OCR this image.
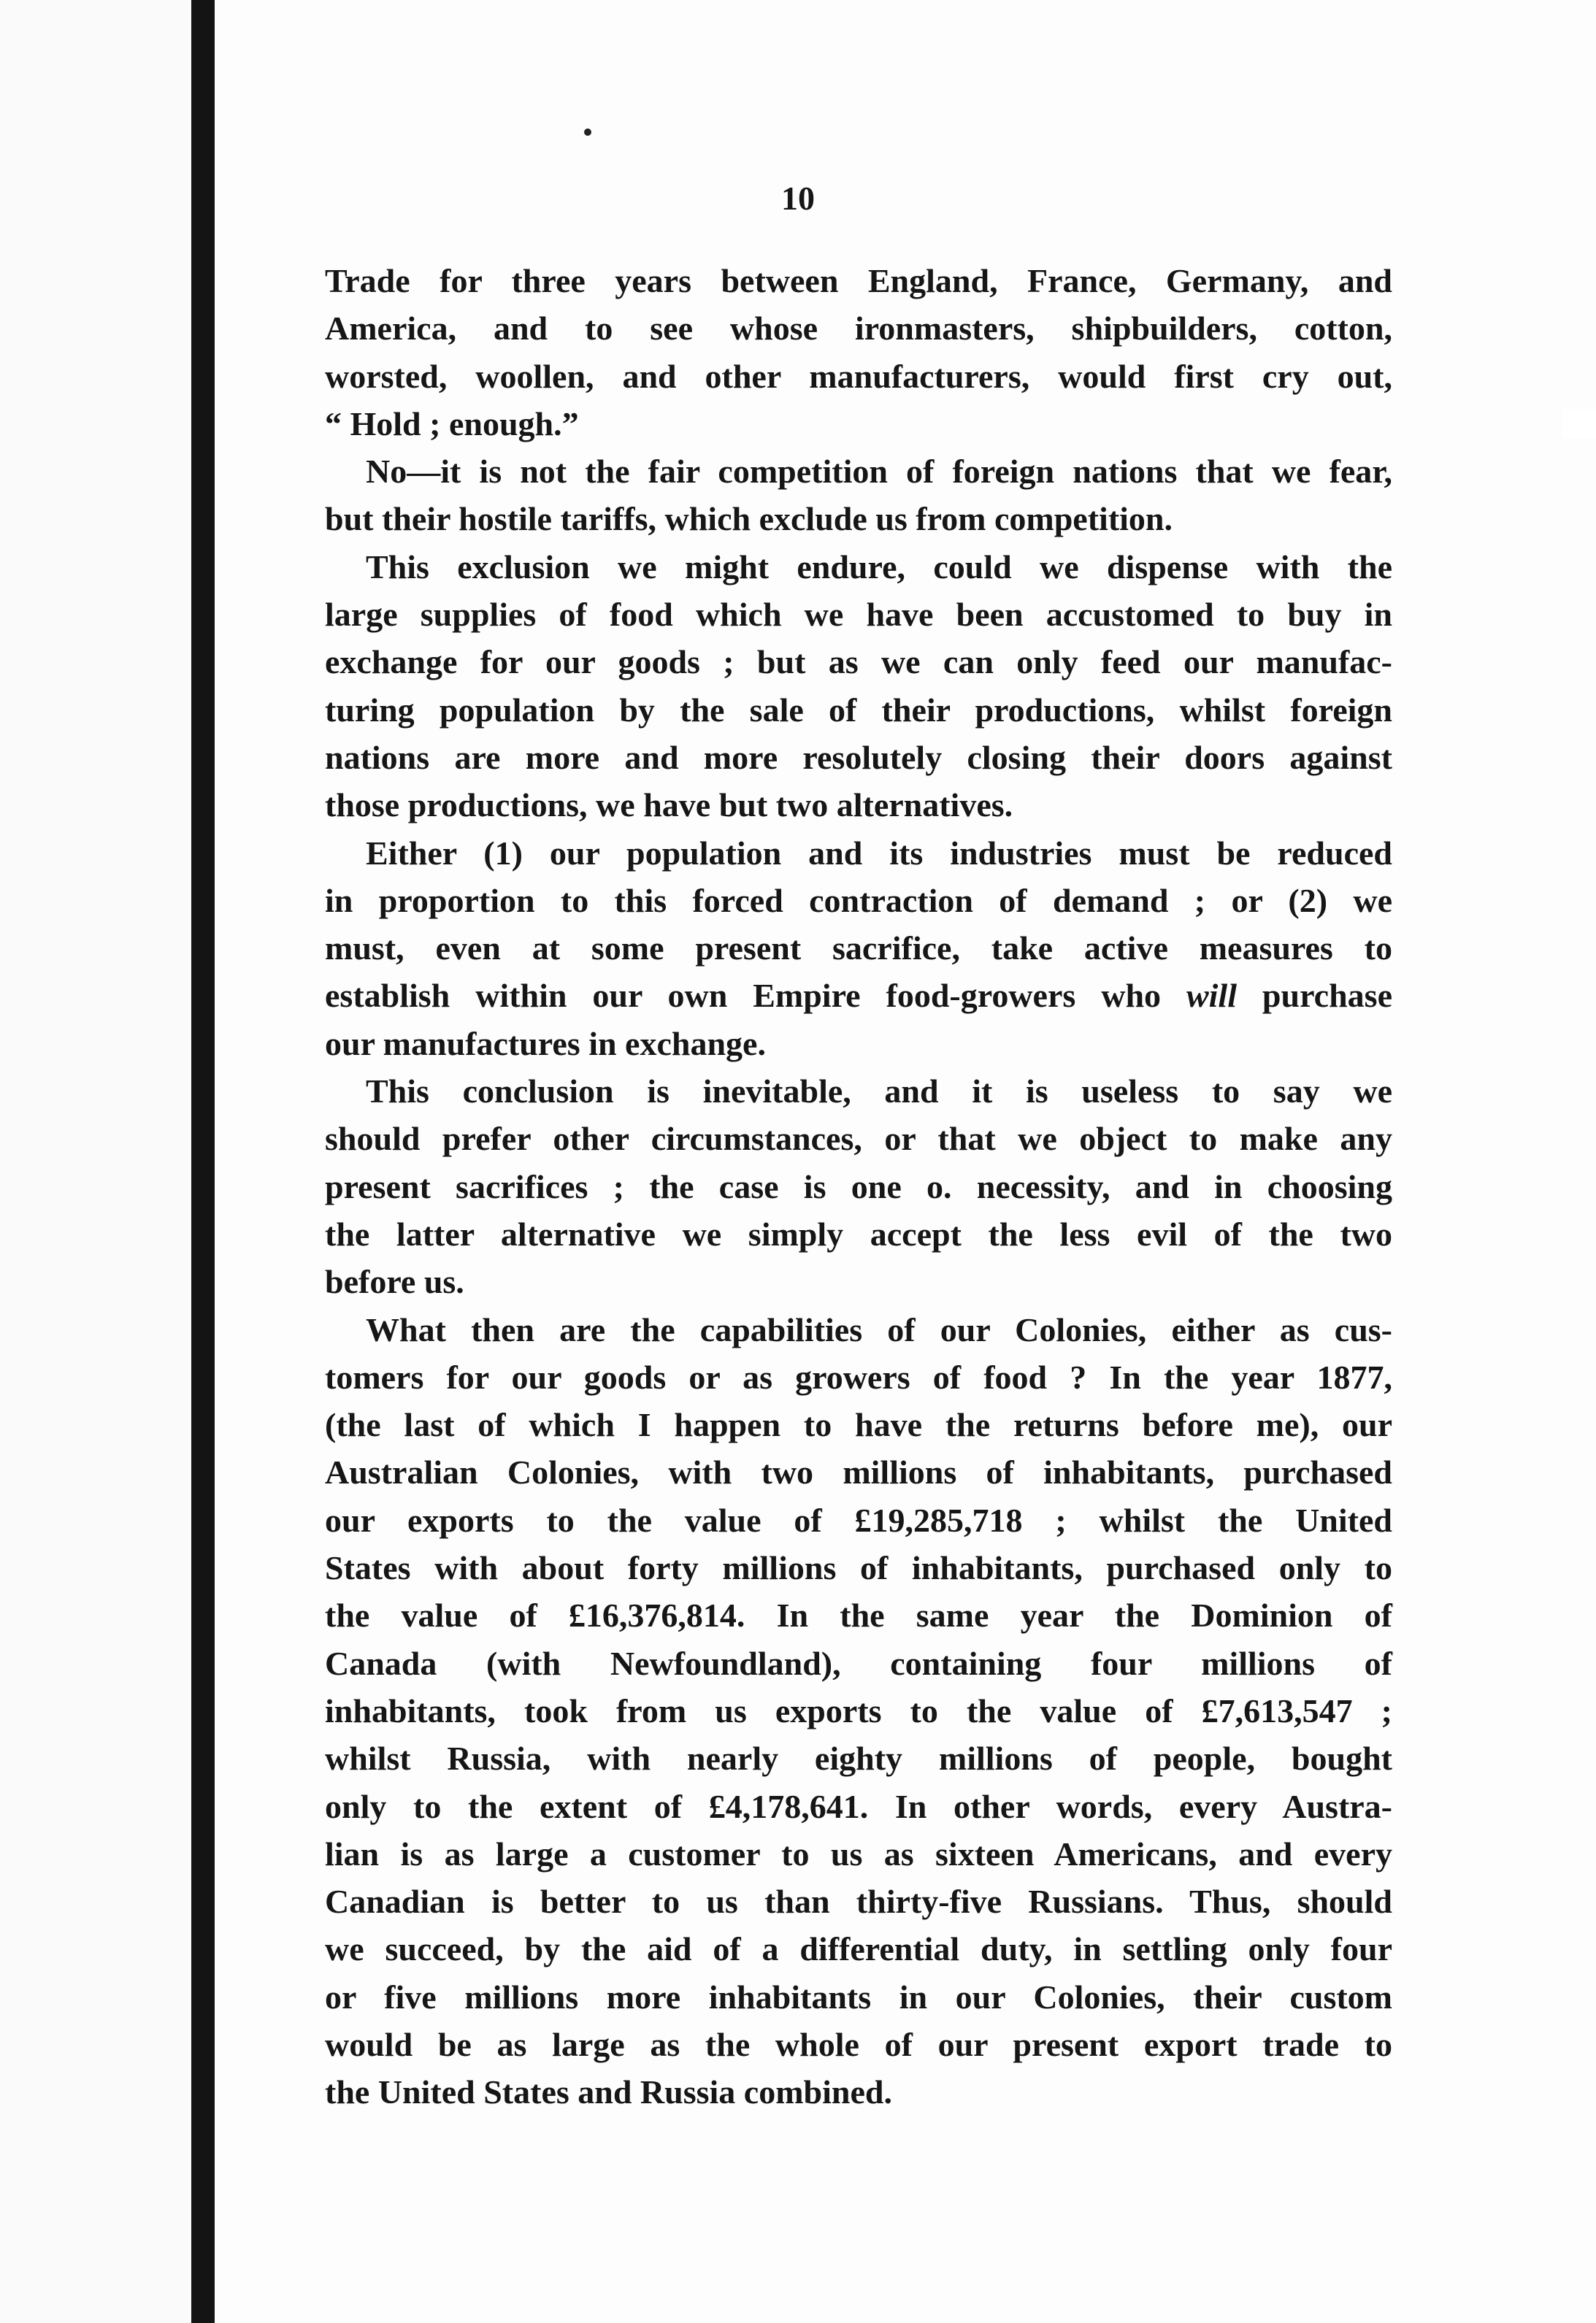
10
Trade for three years between England, France, Germany, and
America, and to see whose ironmasters, shipbuilders, cotton,
worsted, woollen, and other manufacturers, would first cry out,
“ Hold ; enough.”
No—it is not the fair competition of foreign nations that we fear,
but their hostile tariffs, which exclude us from competition.
This exclusion we might endure, could we dispense with the
large supplies of food which we have been accustomed to buy in
exchange for our goods ; but as we can only feed our manufac-
turing population by the sale of their productions, whilst foreign
nations are more and more resolutely closing their doors against
those productions, we have but two alternatives.
Either (1) our population and its industries must be reduced
in proportion to this forced contraction of demand ; or (2) we
must, even at some present sacrifice, take active measures to
establish within our own Empire food-growers who will purchase
our manufactures in exchange.
This conclusion is inevitable, and it is useless to say we
should prefer other circumstances, or that we object to make any
present sacrifices ; the case is one o. necessity, and in choosing
the latter alternative we simply accept the less evil of the two
before us.
What then are the capabilities of our Colonies, either as cus-
tomers for our goods or as growers of food ? In the year 1877,
(the last of which I happen to have the returns before me), our
Australian Colonies, with two millions of inhabitants, purchased
our exports to the value of £19,285,718 ; whilst the United
States with about forty millions of inhabitants, purchased only to
the value of £16,376,814. In the same year the Dominion of
Canada (with Newfoundland), containing four millions of
inhabitants, took from us exports to the value of £7,613,547 ;
whilst Russia, with nearly eighty millions of people, bought
only to the extent of £4,178,641. In other words, every Austra-
lian is as large a customer to us as sixteen Americans, and every
Canadian is better to us than thirty-five Russians. Thus, should
we succeed, by the aid of a differential duty, in settling only four
or five millions more inhabitants in our Colonies, their custom
would be as large as the whole of our present export trade to
the United States and Russia combined.
